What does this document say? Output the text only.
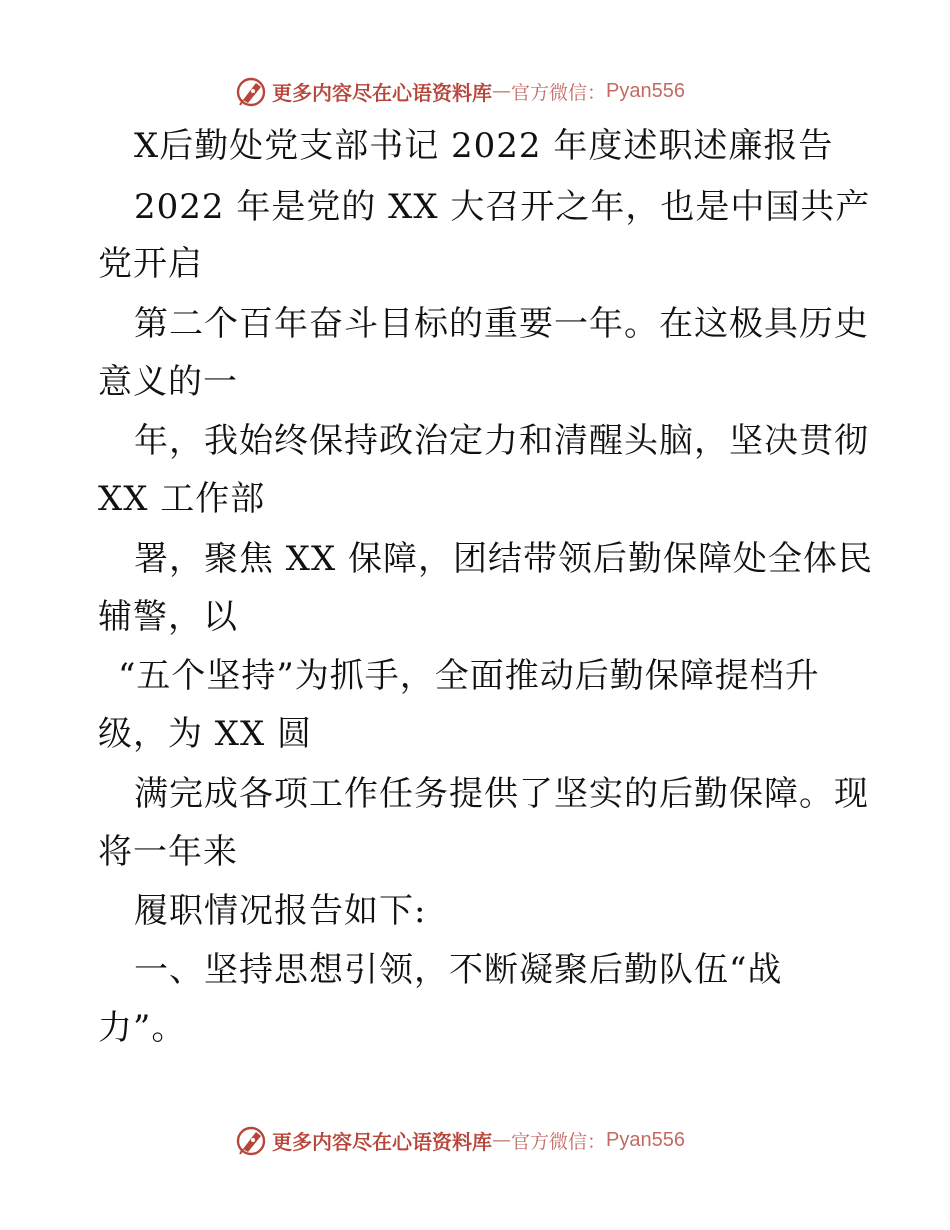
更多内容尽在心语资料库 — 官方微信： Pyan556
X后勤处党支部书记 2022 年度述职述廉报告
2022 年是党的 XX 大召开之年，也是中国共产
党开启
第二个百年奋斗目标的重要一年。在这极具历史
意义的一
年，我始终保持政治定力和清醒头脑，坚决贯彻
XX 工作部
署，聚焦 XX 保障，团结带领后勤保障处全体民
辅警，以
“五个坚持”为抓手，全面推动后勤保障提档升
级，为 XX 圆
满完成各项工作任务提供了坚实的后勤保障。现
将一年来
履职情况报告如下:
一、坚持思想引领，不断凝聚后勤队伍“战
力”。
更多内容尽在心语资料库 — 官方微信： Pyan556
